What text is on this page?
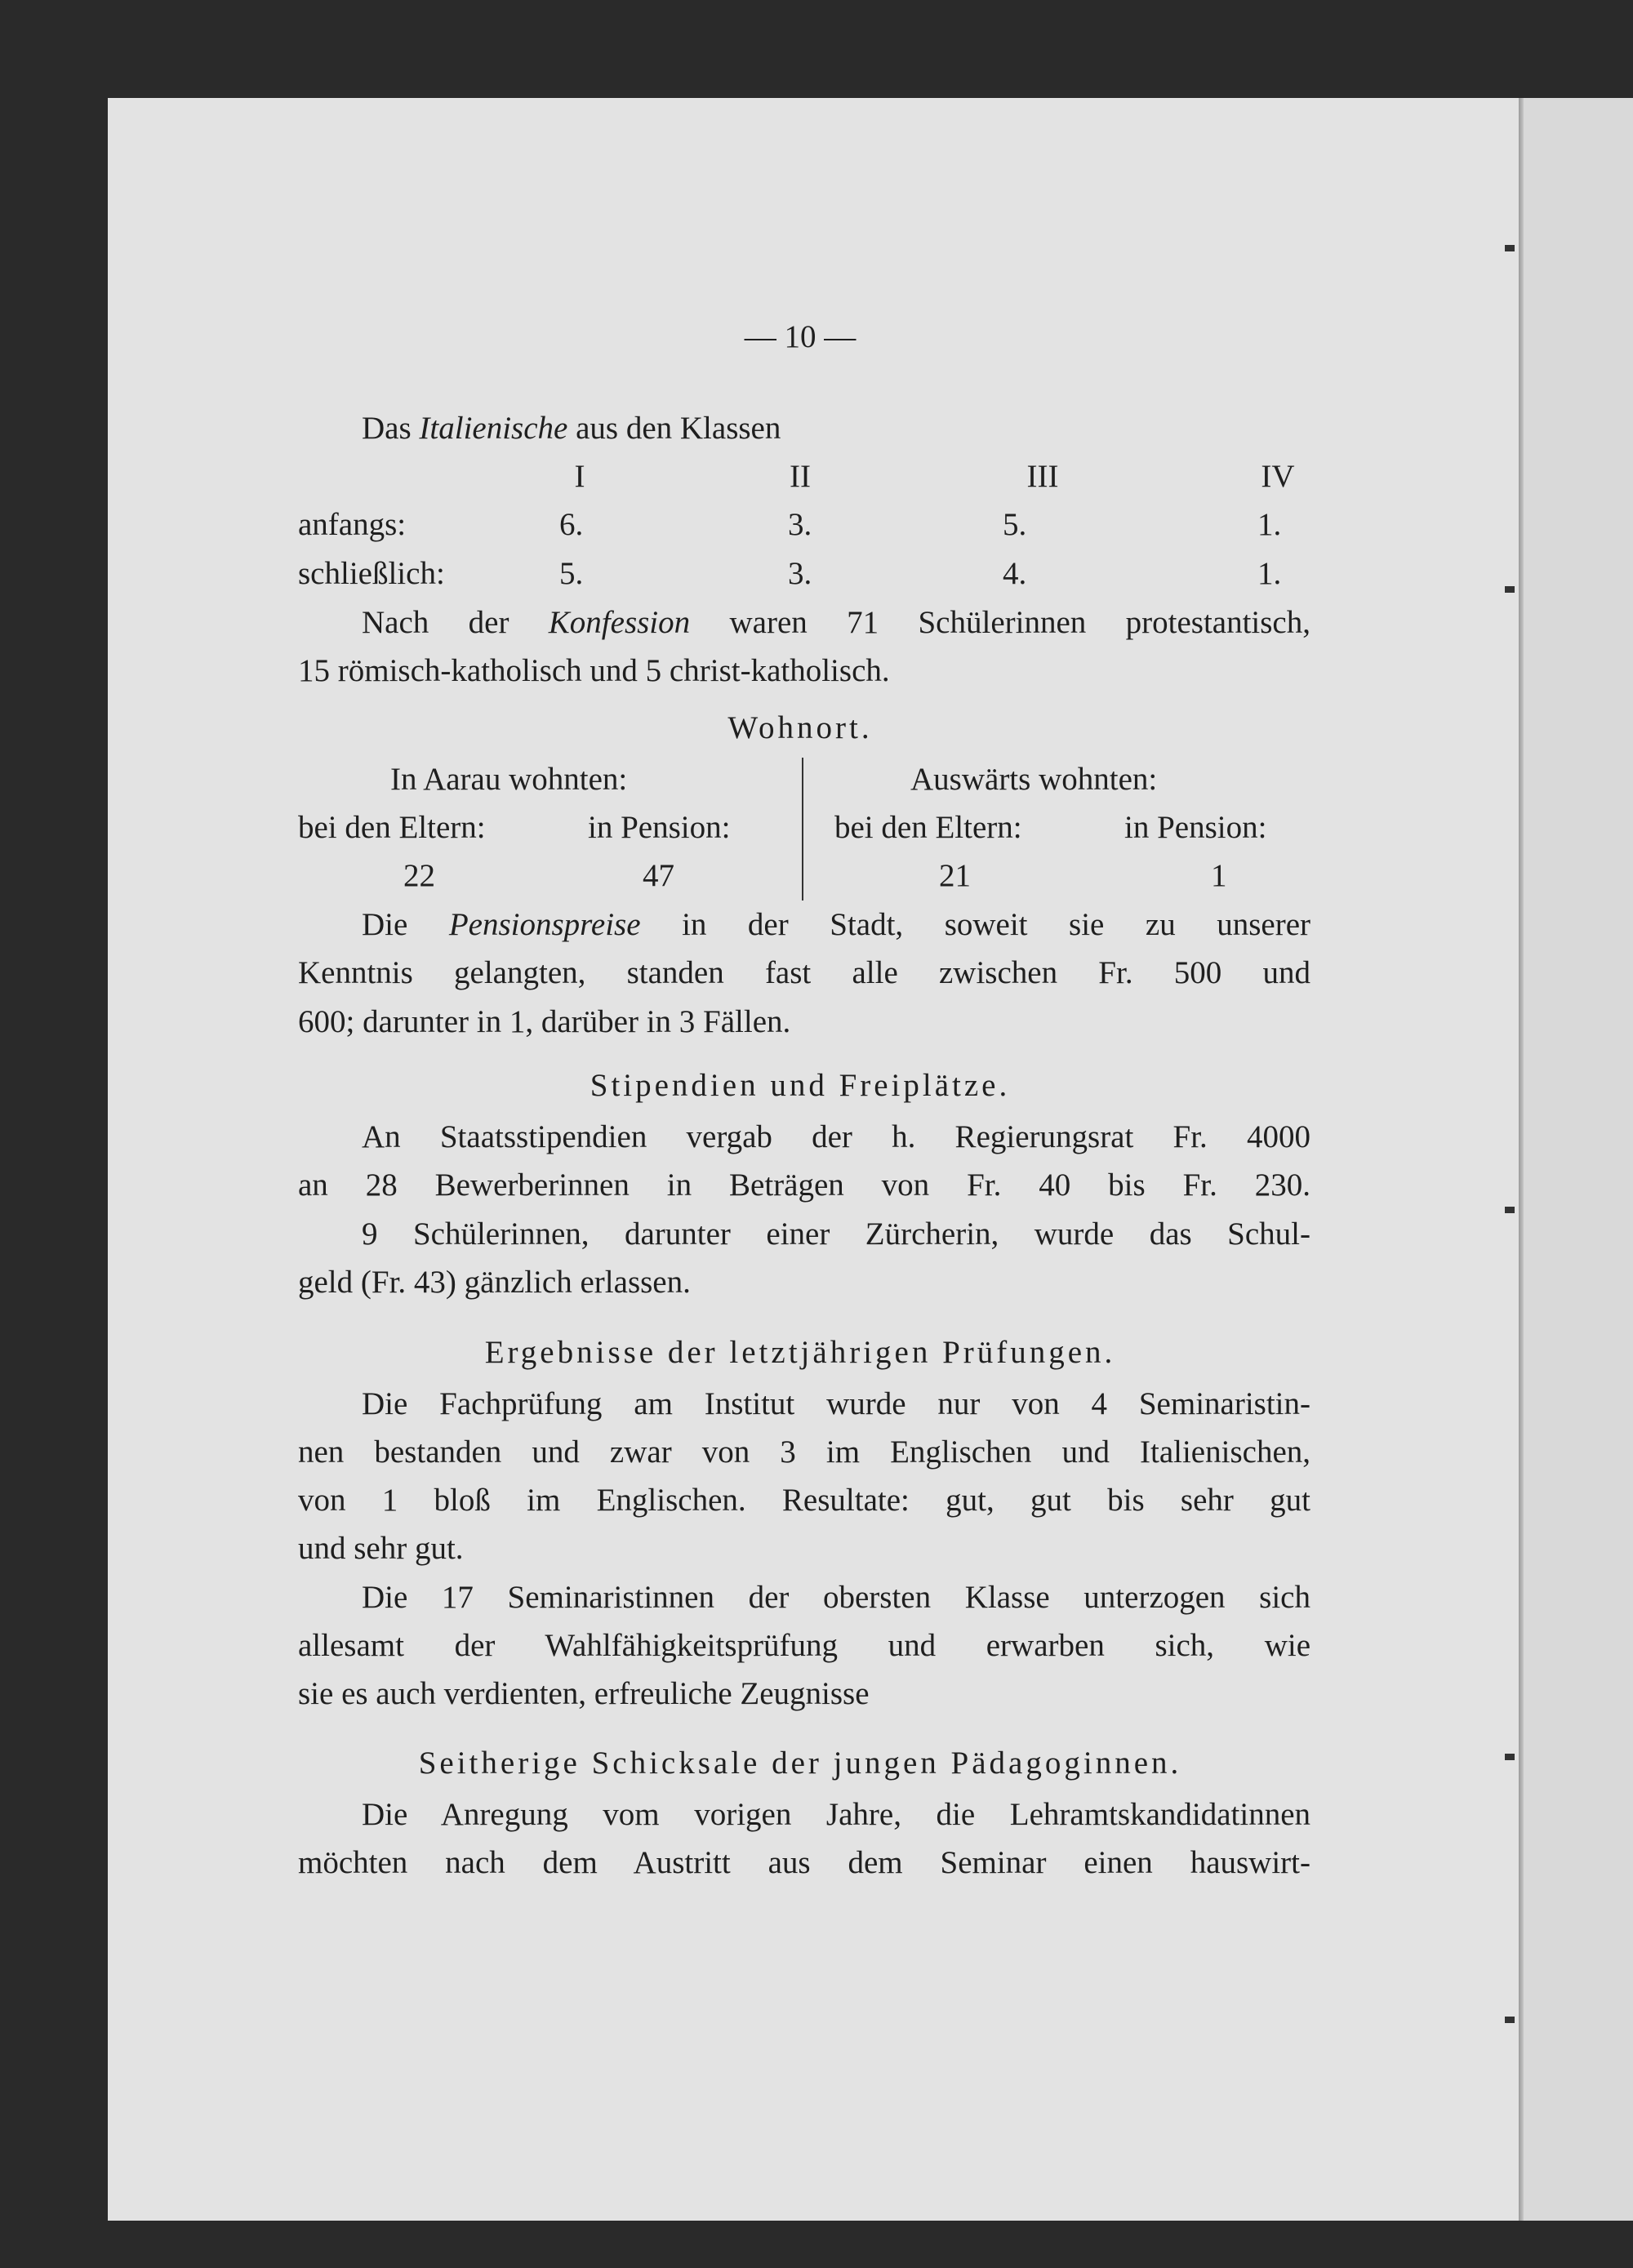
— 10 —
Das Italienische aus den Klassen
I	II	III	IV
anfangs:	6.	3.	5.	1.
schließlich:	5.	3.	4.	1.
Nach der Konfession waren 71 Schülerinnen protestantisch,
15 römisch-katholisch und 5 christ-katholisch.
Wohnort.
In Aarau wohnten:	Auswärts wohnten:
bei den Eltern:	in Pension:	bei den Eltern:	in Pension:
22	47	21	1
Die Pensionspreise in der Stadt, soweit sie zu unserer
Kenntnis gelangten, standen fast alle zwischen Fr. 500 und
600; darunter in 1, darüber in 3 Fällen.
Stipendien und Freiplätze.
An Staatsstipendien vergab der h. Regierungsrat Fr. 4000
an 28 Bewerberinnen in Beträgen von Fr. 40 bis Fr. 230.
9 Schülerinnen, darunter einer Zürcherin, wurde das Schul-
geld (Fr. 43) gänzlich erlassen.
Ergebnisse der letztjährigen Prüfungen.
Die Fachprüfung am Institut wurde nur von 4 Seminaristin-
nen bestanden und zwar von 3 im Englischen und Italienischen,
von 1 bloß im Englischen. Resultate: gut, gut bis sehr gut
und sehr gut.
Die 17 Seminaristinnen der obersten Klasse unterzogen sich
allesamt der Wahlfähigkeitsprüfung und erwarben sich, wie
sie es auch verdienten, erfreuliche Zeugnisse
Seitherige Schicksale der jungen Pädagoginnen.
Die Anregung vom vorigen Jahre, die Lehramtskandidatinnen
möchten nach dem Austritt aus dem Seminar einen hauswirt-
